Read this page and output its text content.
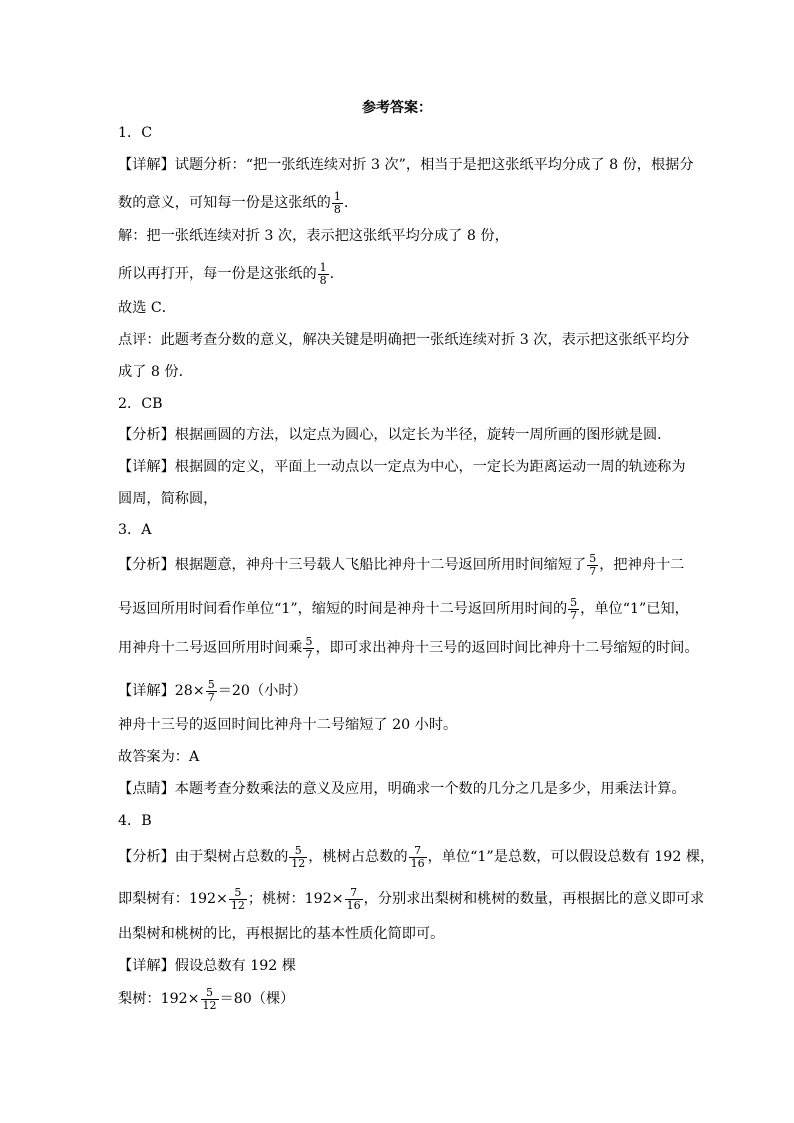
参考答案：
1．C
【详解】试题分析：“把一张纸连续对折 3 次”，相当于是把这张纸平均分成了 8 份，根据分
数的意义，可知每一份是这张纸的 $\frac{1}{8}$ .
解：把一张纸连续对折 3 次，表示把这张纸平均分成了 8 份，
所以再打开，每一份是这张纸的 $\frac{1}{8}$ .
故选 C．
点评：此题考查分数的意义，解决关键是明确把一张纸连续对折 3 次，表示把这张纸平均分
成了 8 份．
2．CB
【分析】根据画圆的方法，以定点为圆心，以定长为半径，旋转一周所画的图形就是圆．
【详解】根据圆的定义，平面上一动点以一定点为中心，一定长为距离运动一周的轨迹称为
圆周，简称圆，
3．A
【分析】根据题意，神舟十三号载人飞船比神舟十二号返回所用时间缩短了 $\frac{5}{7}$ ，把神舟十二
号返回所用时间看作单位“1”，缩短的时间是神舟十二号返回所用时间的 $\frac{5}{7}$ ，单位“1”已知，
用神舟十二号返回所用时间乘 $\frac{5}{7}$ ，即可求出神舟十三号的返回时间比神舟十二号缩短的时间。
【详解】$28\times \frac{5}{7} =20$（小时）
神舟十三号的返回时间比神舟十二号缩短了 20 小时。
故答案为：A
【点睛】本题考查分数乘法的意义及应用，明确求一个数的几分之几是多少，用乘法计算。
4．B
【分析】由于梨树占总数的 $\frac{5}{12}$ ，桃树占总数的 $\frac{7}{16}$ ，单位“1”是总数，可以假设总数有 192 棵，
即梨树有：$192\times \frac{5}{12}$ ；桃树：$192\times \frac{7}{16}$ ，分别求出梨树和桃树的数量，再根据比的意义即可求
出梨树和桃树的比，再根据比的基本性质化简即可。
【详解】假设总数有 192 棵
梨树：$192\times \frac{5}{12} =80$（棵）
